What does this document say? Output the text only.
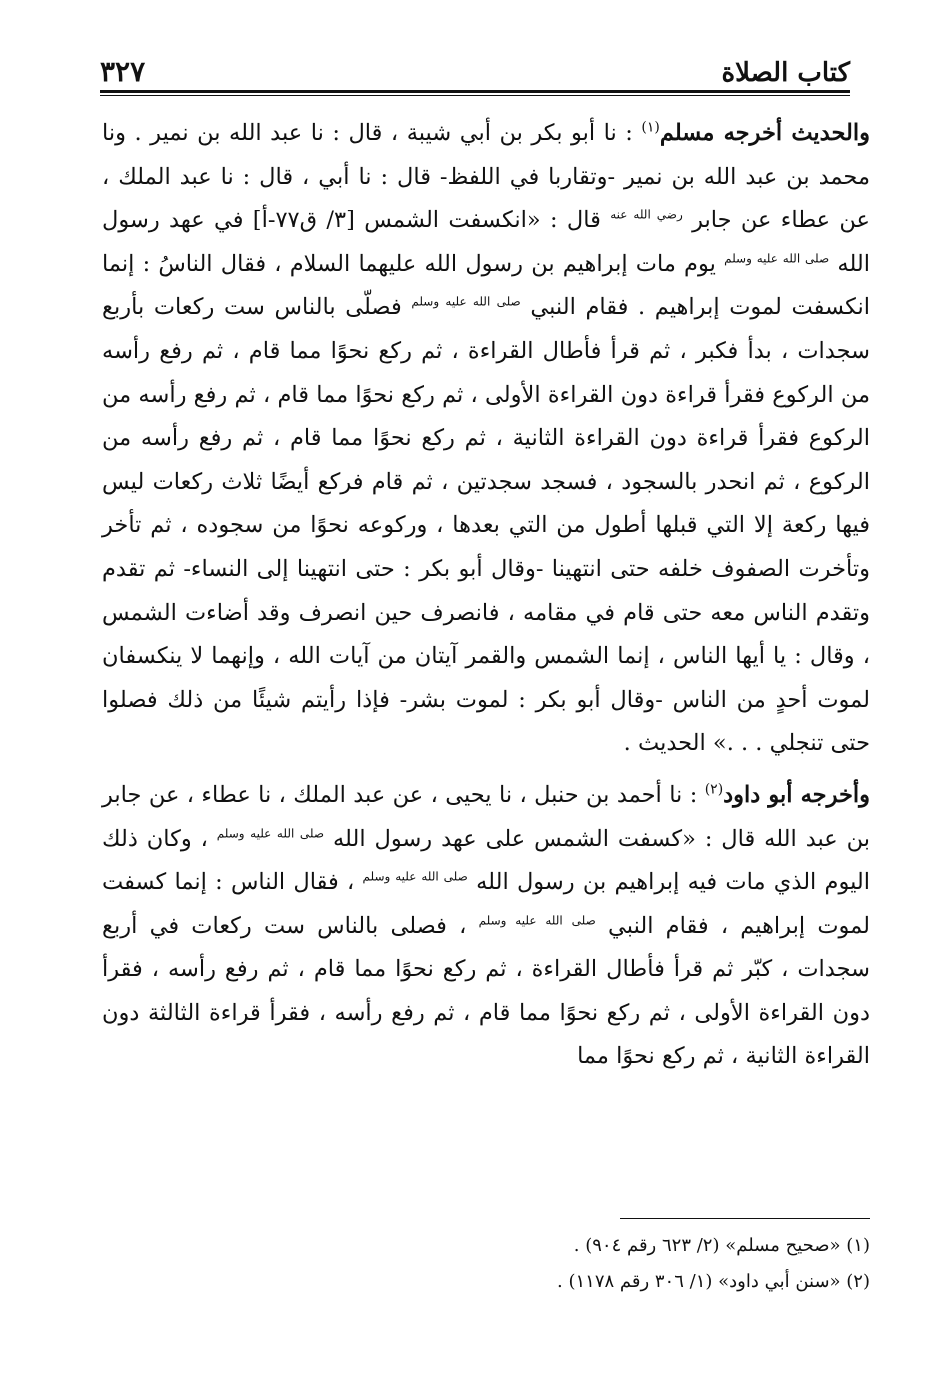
كتاب الصلاة
٣٢٧

والحديث أخرجه مسلم$^{(١)}$ : نا أبو بكر بن أبي شيبة ، قال : نا عبد الله بن نمير . ونا محمد بن عبد الله بن نمير -وتقاربا في اللفظ- قال : نا أبي ، قال : نا عبد الملك ، عن عطاء عن جابر $^{رضي الله عنه}$ قال : «انكسفت الشمس [٣/ ق٧٧-أ] في عهد رسول الله $^{صلى الله عليه وسلم}$ يوم مات إبراهيم بن رسول الله عليهما السلام ، فقال الناسُ : إنما انكسفت لموت إبراهيم . فقام النبي $^{صلى الله عليه وسلم}$ فصلّى بالناس ست ركعات بأربع سجدات ، بدأ فكبر ، ثم قرأ فأطال القراءة ، ثم ركع نحوًا مما قام ، ثم رفع رأسه من الركوع فقرأ قراءة دون القراءة الأولى ، ثم ركع نحوًا مما قام ، ثم رفع رأسه من الركوع فقرأ قراءة دون القراءة الثانية ، ثم ركع نحوًا مما قام ، ثم رفع رأسه من الركوع ، ثم انحدر بالسجود ، فسجد سجدتين ، ثم قام فركع أيضًا ثلاث ركعات ليس فيها ركعة إلا التي قبلها أطول من التي بعدها ، وركوعه نحوًا من سجوده ، ثم تأخر وتأخرت الصفوف خلفه حتى انتهينا -وقال أبو بكر : حتى انتهينا إلى النساء- ثم تقدم وتقدم الناس معه حتى قام في مقامه ، فانصرف حين انصرف وقد أضاءت الشمس ، وقال : يا أيها الناس ، إنما الشمس والقمر آيتان من آيات الله ، وإنهما لا ينكسفان لموت أحدٍ من الناس -وقال أبو بكر : لموت بشر- فإذا رأيتم شيئًا من ذلك فصلوا حتى تنجلي . . .» الحديث .

وأخرجه أبو داود$^{(٢)}$ : نا أحمد بن حنبل ، نا يحيى ، عن عبد الملك ، نا عطاء ، عن جابر بن عبد الله قال : «كسفت الشمس على عهد رسول الله $^{صلى الله عليه وسلم}$ ، وكان ذلك اليوم الذي مات فيه إبراهيم بن رسول الله $^{صلى الله عليه وسلم}$ ، فقال الناس : إنما كسفت لموت إبراهيم ، فقام النبي $^{صلى الله عليه وسلم}$ ، فصلى بالناس ست ركعات في أربع سجدات ، كبّر ثم قرأ فأطال القراءة ، ثم ركع نحوًا مما قام ، ثم رفع رأسه ، فقرأ دون القراءة الأولى ، ثم ركع نحوًا مما قام ، ثم رفع رأسه ، فقرأ قراءة الثالثة دون القراءة الثانية ، ثم ركع نحوًا مما

(١) «صحيح مسلم» (٢/ ٦٢٣ رقم ٩٠٤) .
(٢) «سنن أبي داود» (١/ ٣٠٦ رقم ١١٧٨) .
